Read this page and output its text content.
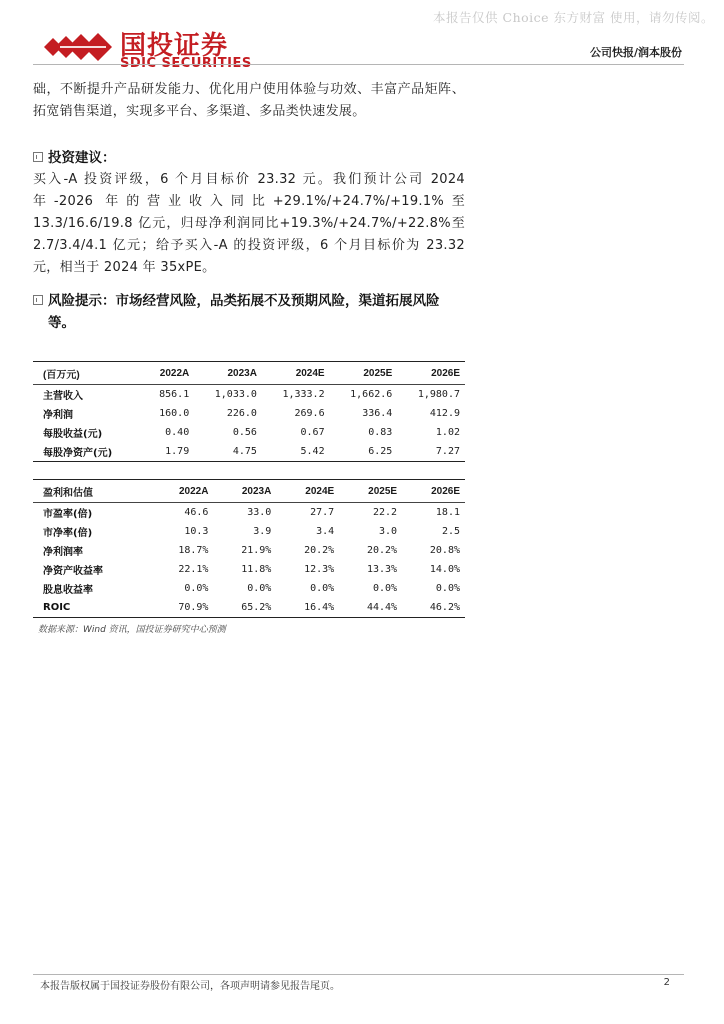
本报告仅供 Choice 东方财富 使用，请勿传阅。
国投证券
SDIC SECURITIES
公司快报/润本股份
础，不断提升产品研发能力、优化用户使用体验与功效、丰富产品矩阵、拓宽销售渠道，实现多平台、多渠道、多品类快速发展。
投资建议：
买入-A 投资评级，6 个月目标价 23.32 元。我们预计公司 2024 年-2026 年的营业收入同比+29.1%/+24.7%/+19.1%至 13.3/16.6/19.8 亿元，归母净利润同比+19.3%/+24.7%/+22.8%至 2.7/3.4/4.1 亿元；给予买入-A 的投资评级，6 个月目标价为 23.32 元，相当于 2024 年 35xPE。
风险提示：市场经营风险，品类拓展不及预期风险，渠道拓展风险等。
(百万元)	2022A	2023A	2024E	2025E	2026E
主营收入	856.1	1,033.0	1,333.2	1,662.6	1,980.7
净利润	160.0	226.0	269.6	336.4	412.9
每股收益(元)	0.40	0.56	0.67	0.83	1.02
每股净资产(元)	1.79	4.75	5.42	6.25	7.27
盈利和估值	2022A	2023A	2024E	2025E	2026E
市盈率(倍)	46.6	33.0	27.7	22.2	18.1
市净率(倍)	10.3	3.9	3.4	3.0	2.5
净利润率	18.7%	21.9%	20.2%	20.2%	20.8%
净资产收益率	22.1%	11.8%	12.3%	13.3%	14.0%
股息收益率	0.0%	0.0%	0.0%	0.0%	0.0%
ROIC	70.9%	65.2%	16.4%	44.4%	46.2%
数据来源：Wind 资讯，国投证券研究中心预测
本报告版权属于国投证券股份有限公司，各项声明请参见报告尾页。	2
